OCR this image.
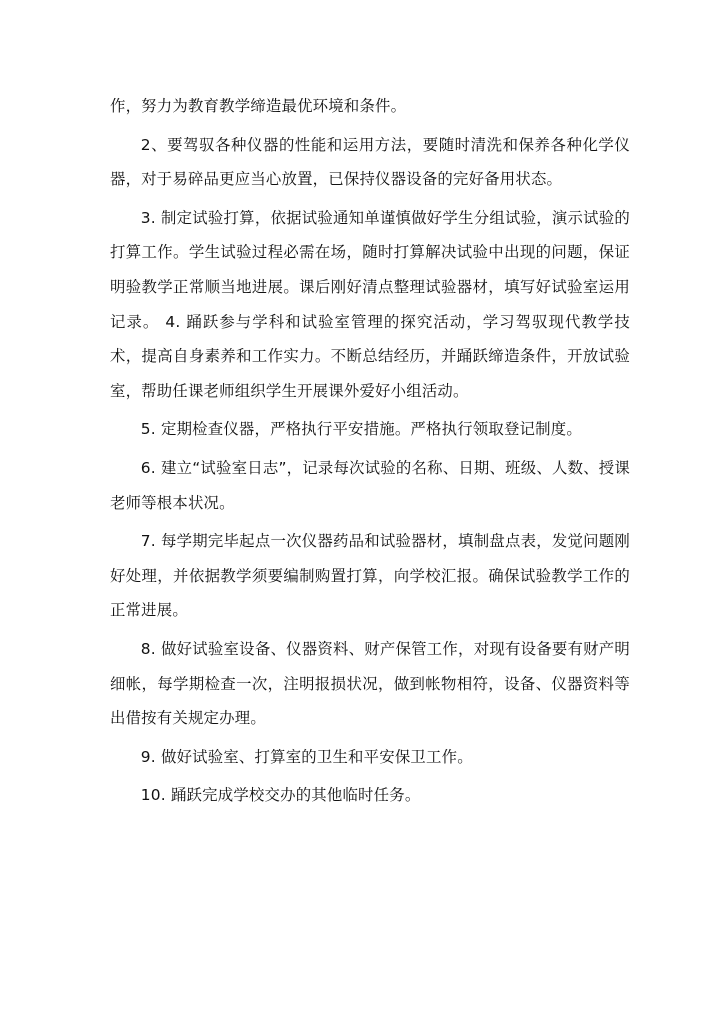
作，努力为教育教学缔造最优环境和条件。

2、要驾驭各种仪器的性能和运用方法，要随时清洗和保养各种化学仪器，对于易碎品更应当心放置，已保持仪器设备的完好备用状态。

3. 制定试验打算，依据试验通知单谨慎做好学生分组试验，演示试验的打算工作。学生试验过程必需在场，随时打算解决试验中出现的问题，保证明验教学正常顺当地进展。课后刚好清点整理试验器材，填写好试验室运用记录。 4. 踊跃参与学科和试验室管理的探究活动，学习驾驭现代教学技术，提高自身素养和工作实力。不断总结经历，并踊跃缔造条件，开放试验室，帮助任课老师组织学生开展课外爱好小组活动。

5. 定期检查仪器，严格执行平安措施。严格执行领取登记制度。

6. 建立“试验室日志”，记录每次试验的名称、日期、班级、人数、授课老师等根本状况。

7. 每学期完毕起点一次仪器药品和试验器材，填制盘点表，发觉问题刚好处理，并依据教学须要编制购置打算，向学校汇报。确保试验教学工作的正常进展。

8. 做好试验室设备、仪器资料、财产保管工作，对现有设备要有财产明细帐，每学期检查一次，注明报损状况，做到帐物相符，设备、仪器资料等出借按有关规定办理。

9. 做好试验室、打算室的卫生和平安保卫工作。

10. 踊跃完成学校交办的其他临时任务。
